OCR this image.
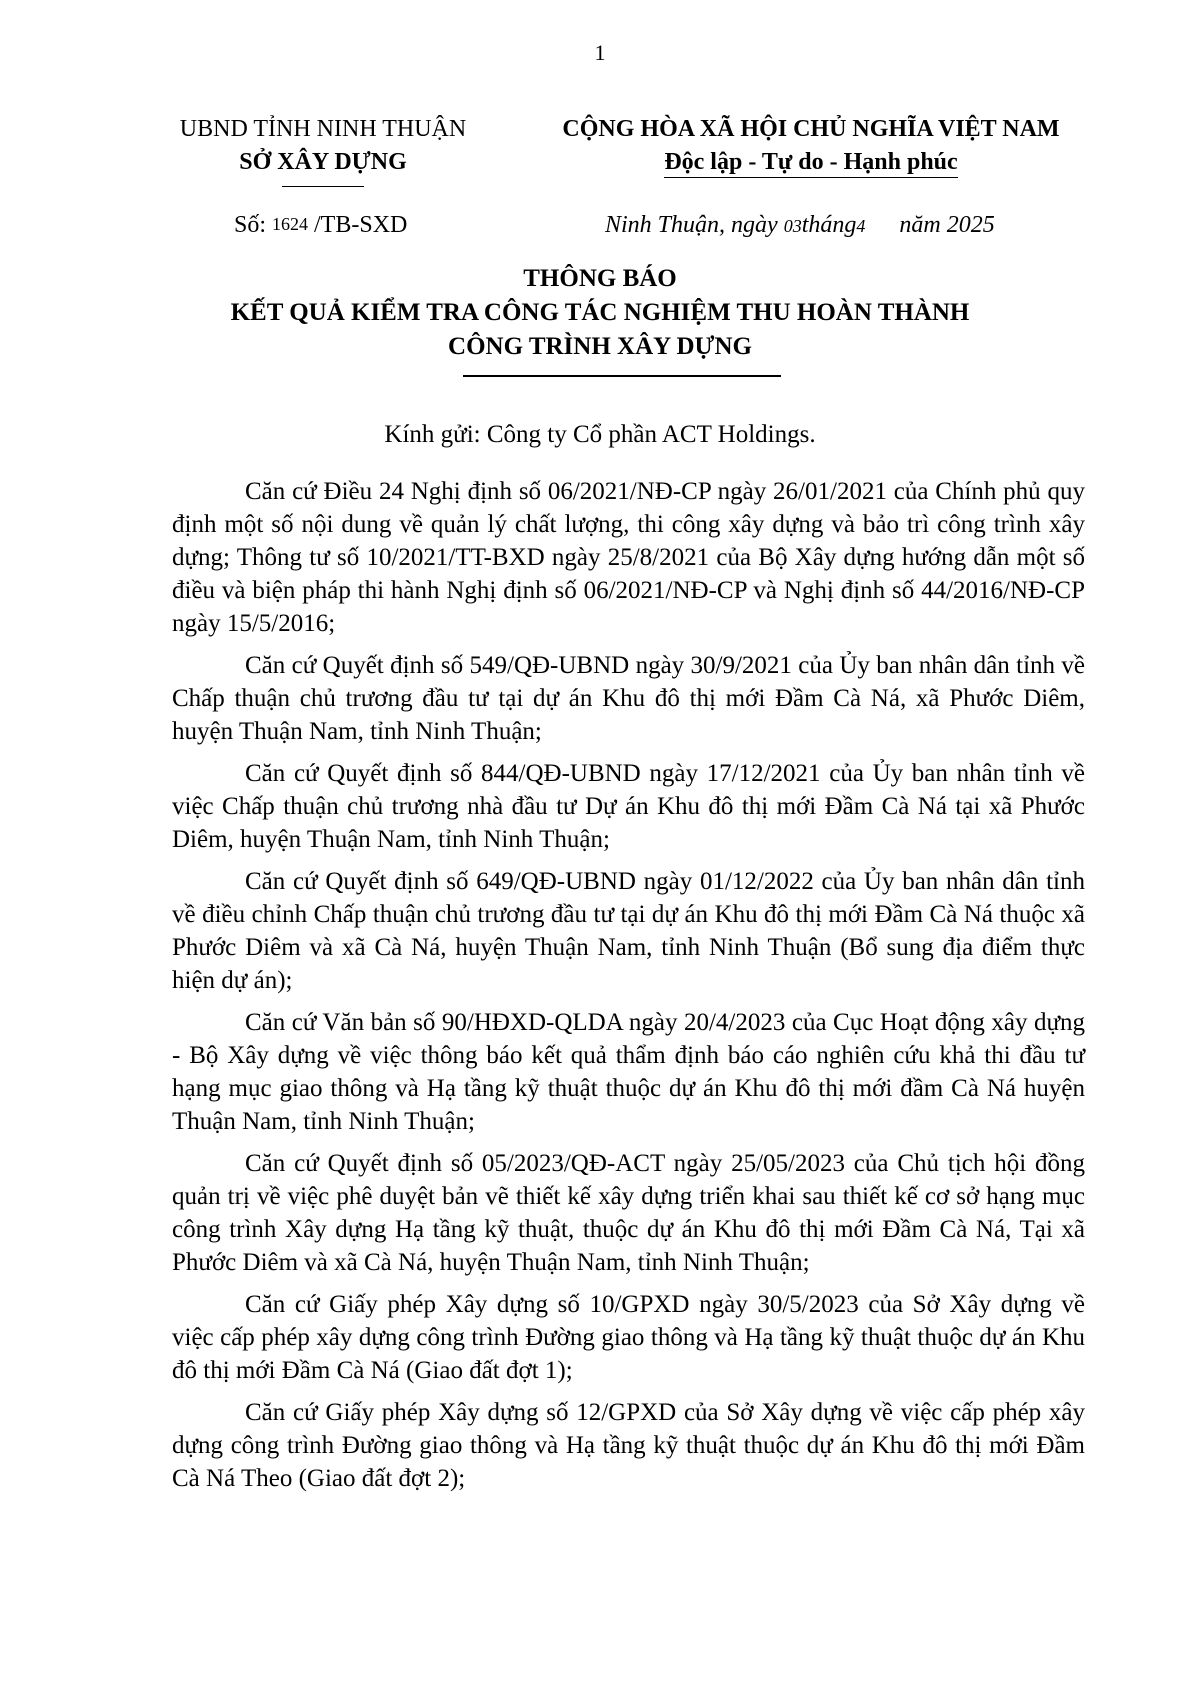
1
UBND TỈNH NINH THUẬN
SỞ XÂY DỰNG
CỘNG HÒA XÃ HỘI CHỦ NGHĨA VIỆT NAM
Độc lập - Tự do - Hạnh phúc
Số: 1624 /TB-SXD	Ninh Thuận, ngày 03tháng4 năm 2025
THÔNG BÁO
KẾT QUẢ KIỂM TRA CÔNG TÁC NGHIỆM THU HOÀN THÀNH
CÔNG TRÌNH XÂY DỰNG
Kính gửi: Công ty Cổ phần ACT Holdings.

Căn cứ Điều 24 Nghị định số 06/2021/NĐ-CP ngày 26/01/2021 của Chính phủ quy định một số nội dung về quản lý chất lượng, thi công xây dựng và bảo trì công trình xây dựng; Thông tư số 10/2021/TT-BXD ngày 25/8/2021 của Bộ Xây dựng hướng dẫn một số điều và biện pháp thi hành Nghị định số 06/2021/NĐ-CP và Nghị định số 44/2016/NĐ-CP ngày 15/5/2016;

Căn cứ Quyết định số 549/QĐ-UBND ngày 30/9/2021 của Ủy ban nhân dân tỉnh về Chấp thuận chủ trương đầu tư tại dự án Khu đô thị mới Đầm Cà Ná, xã Phước Diêm, huyện Thuận Nam, tỉnh Ninh Thuận;

Căn cứ Quyết định số 844/QĐ-UBND ngày 17/12/2021 của Ủy ban nhân tỉnh về việc Chấp thuận chủ trương nhà đầu tư Dự án Khu đô thị mới Đầm Cà Ná tại xã Phước Diêm, huyện Thuận Nam, tỉnh Ninh Thuận;

Căn cứ Quyết định số 649/QĐ-UBND ngày 01/12/2022 của Ủy ban nhân dân tỉnh về điều chỉnh Chấp thuận chủ trương đầu tư tại dự án Khu đô thị mới Đầm Cà Ná thuộc xã Phước Diêm và xã Cà Ná, huyện Thuận Nam, tỉnh Ninh Thuận (Bổ sung địa điểm thực hiện dự án);

Căn cứ Văn bản số 90/HĐXD-QLDA ngày 20/4/2023 của Cục Hoạt động xây dựng - Bộ Xây dựng về việc thông báo kết quả thẩm định báo cáo nghiên cứu khả thi đầu tư hạng mục giao thông và Hạ tầng kỹ thuật thuộc dự án Khu đô thị mới đầm Cà Ná huyện Thuận Nam, tỉnh Ninh Thuận;

Căn cứ Quyết định số 05/2023/QĐ-ACT ngày 25/05/2023 của Chủ tịch hội đồng quản trị về việc phê duyệt bản vẽ thiết kế xây dựng triển khai sau thiết kế cơ sở hạng mục công trình Xây dựng Hạ tầng kỹ thuật, thuộc dự án Khu đô thị mới Đầm Cà Ná, Tại xã Phước Diêm và xã Cà Ná, huyện Thuận Nam, tỉnh Ninh Thuận;

Căn cứ Giấy phép Xây dựng số 10/GPXD ngày 30/5/2023 của Sở Xây dựng về việc cấp phép xây dựng công trình Đường giao thông và Hạ tầng kỹ thuật thuộc dự án Khu đô thị mới Đầm Cà Ná (Giao đất đợt 1);

Căn cứ Giấy phép Xây dựng số 12/GPXD của Sở Xây dựng về việc cấp phép xây dựng công trình Đường giao thông và Hạ tầng kỹ thuật thuộc dự án Khu đô thị mới Đầm Cà Ná Theo (Giao đất đợt 2);
